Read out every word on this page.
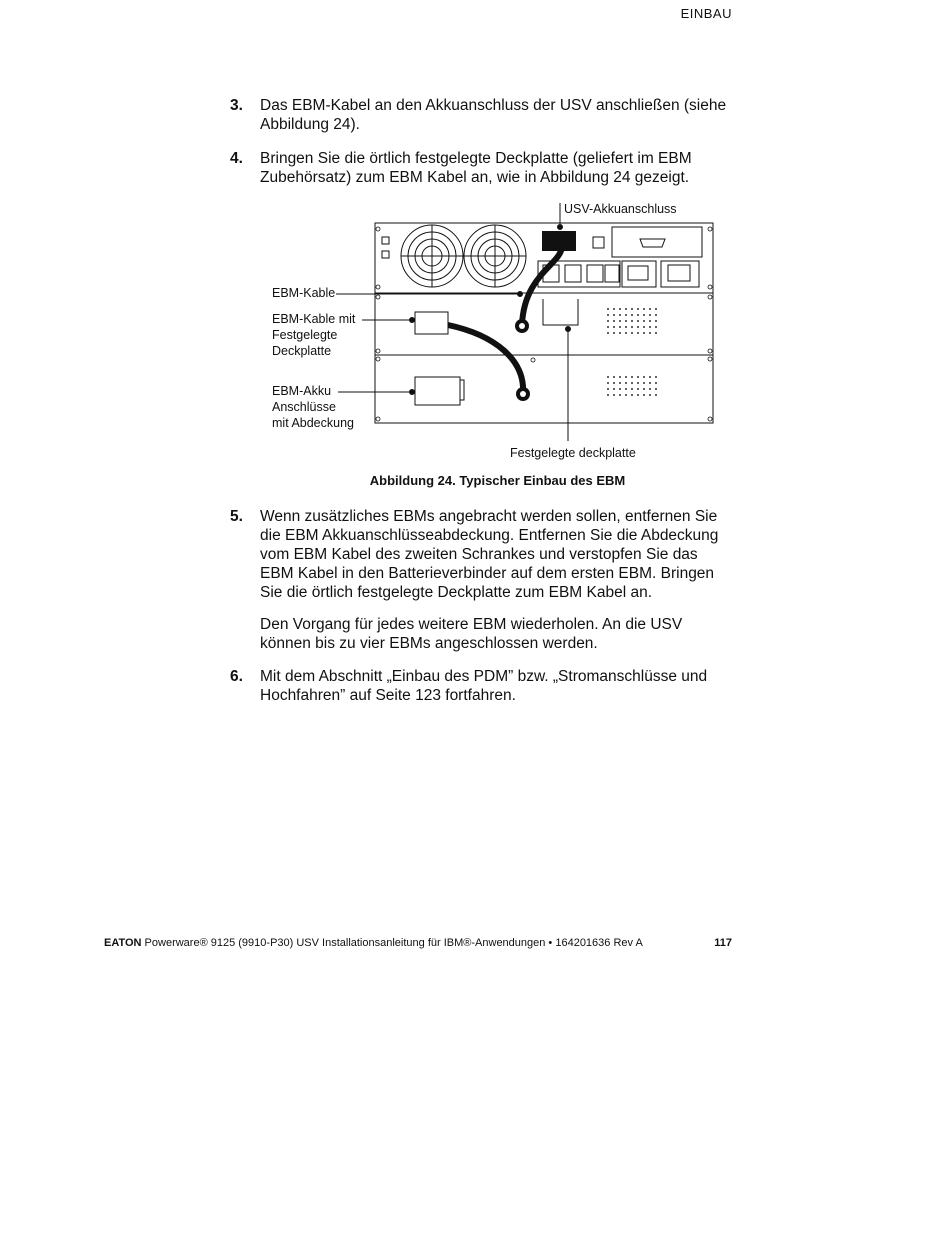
EINBAU
3. Das EBM-Kabel an den Akkuanschluss der USV anschließen (siehe Abbildung 24).
4. Bringen Sie die örtlich festgelegte Deckplatte (geliefert im EBM Zubehörsatz) zum EBM Kabel an, wie in Abbildung 24 gezeigt.
USV-Akkuanschluss
EBM-Kable
EBM-Kable mit
Festgelegte
Deckplatte
EBM-Akku
Anschlüsse
mit Abdeckung
Festgelegte deckplatte
Abbildung 24. Typischer Einbau des EBM
5. Wenn zusätzliches EBMs angebracht werden sollen, entfernen Sie die EBM Akkuanschlüsseabdeckung. Entfernen Sie die Abdeckung vom EBM Kabel des zweiten Schrankes und verstopfen Sie das EBM Kabel in den Batterieverbinder auf dem ersten EBM. Bringen Sie die örtlich festgelegte Deckplatte zum EBM Kabel an.
Den Vorgang für jedes weitere EBM wiederholen. An die USV können bis zu vier EBMs angeschlossen werden.
6. Mit dem Abschnitt „Einbau des PDM” bzw. „Stromanschlüsse und Hochfahren” auf Seite 123 fortfahren.
EATON Powerware® 9125 (9910-P30) USV Installationsanleitung für IBM®-Anwendungen • 164201636 Rev A	117
